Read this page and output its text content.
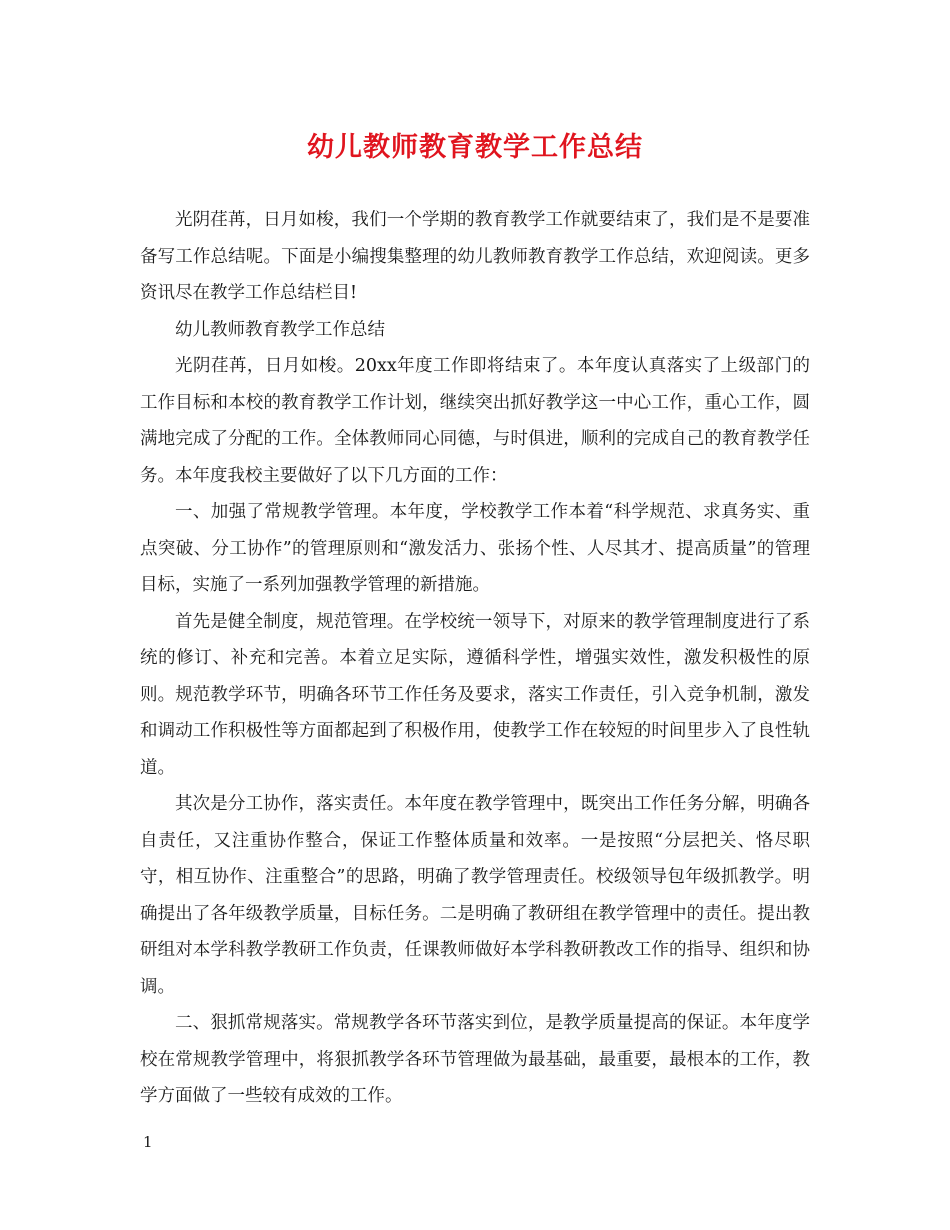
幼儿教师教育教学工作总结

光阴荏苒，日月如梭，我们一个学期的教育教学工作就要结束了，我们是不是要准备写工作总结呢。下面是小编搜集整理的幼儿教师教育教学工作总结，欢迎阅读。更多资讯尽在教学工作总结栏目!

幼儿教师教育教学工作总结

光阴荏苒，日月如梭。20xx年度工作即将结束了。本年度认真落实了上级部门的工作目标和本校的教育教学工作计划，继续突出抓好教学这一中心工作，重心工作，圆满地完成了分配的工作。全体教师同心同德，与时俱进，顺利的完成自己的教育教学任务。本年度我校主要做好了以下几方面的工作：

一、加强了常规教学管理。本年度，学校教学工作本着“科学规范、求真务实、重点突破、分工协作”的管理原则和“激发活力、张扬个性、人尽其才、提高质量”的管理目标，实施了一系列加强教学管理的新措施。

首先是健全制度，规范管理。在学校统一领导下，对原来的教学管理制度进行了系统的修订、补充和完善。本着立足实际，遵循科学性，增强实效性，激发积极性的原则。规范教学环节，明确各环节工作任务及要求，落实工作责任，引入竞争机制，激发和调动工作积极性等方面都起到了积极作用，使教学工作在较短的时间里步入了良性轨道。

其次是分工协作，落实责任。本年度在教学管理中，既突出工作任务分解，明确各自责任，又注重协作整合，保证工作整体质量和效率。一是按照“分层把关、恪尽职守，相互协作、注重整合”的思路，明确了教学管理责任。校级领导包年级抓教学。明确提出了各年级教学质量，目标任务。二是明确了教研组在教学管理中的责任。提出教研组对本学科教学教研工作负责，任课教师做好本学科教研教改工作的指导、组织和协调。

二、狠抓常规落实。常规教学各环节落实到位，是教学质量提高的保证。本年度学校在常规教学管理中，将狠抓教学各环节管理做为最基础，最重要，最根本的工作，教学方面做了一些较有成效的工作。

1
